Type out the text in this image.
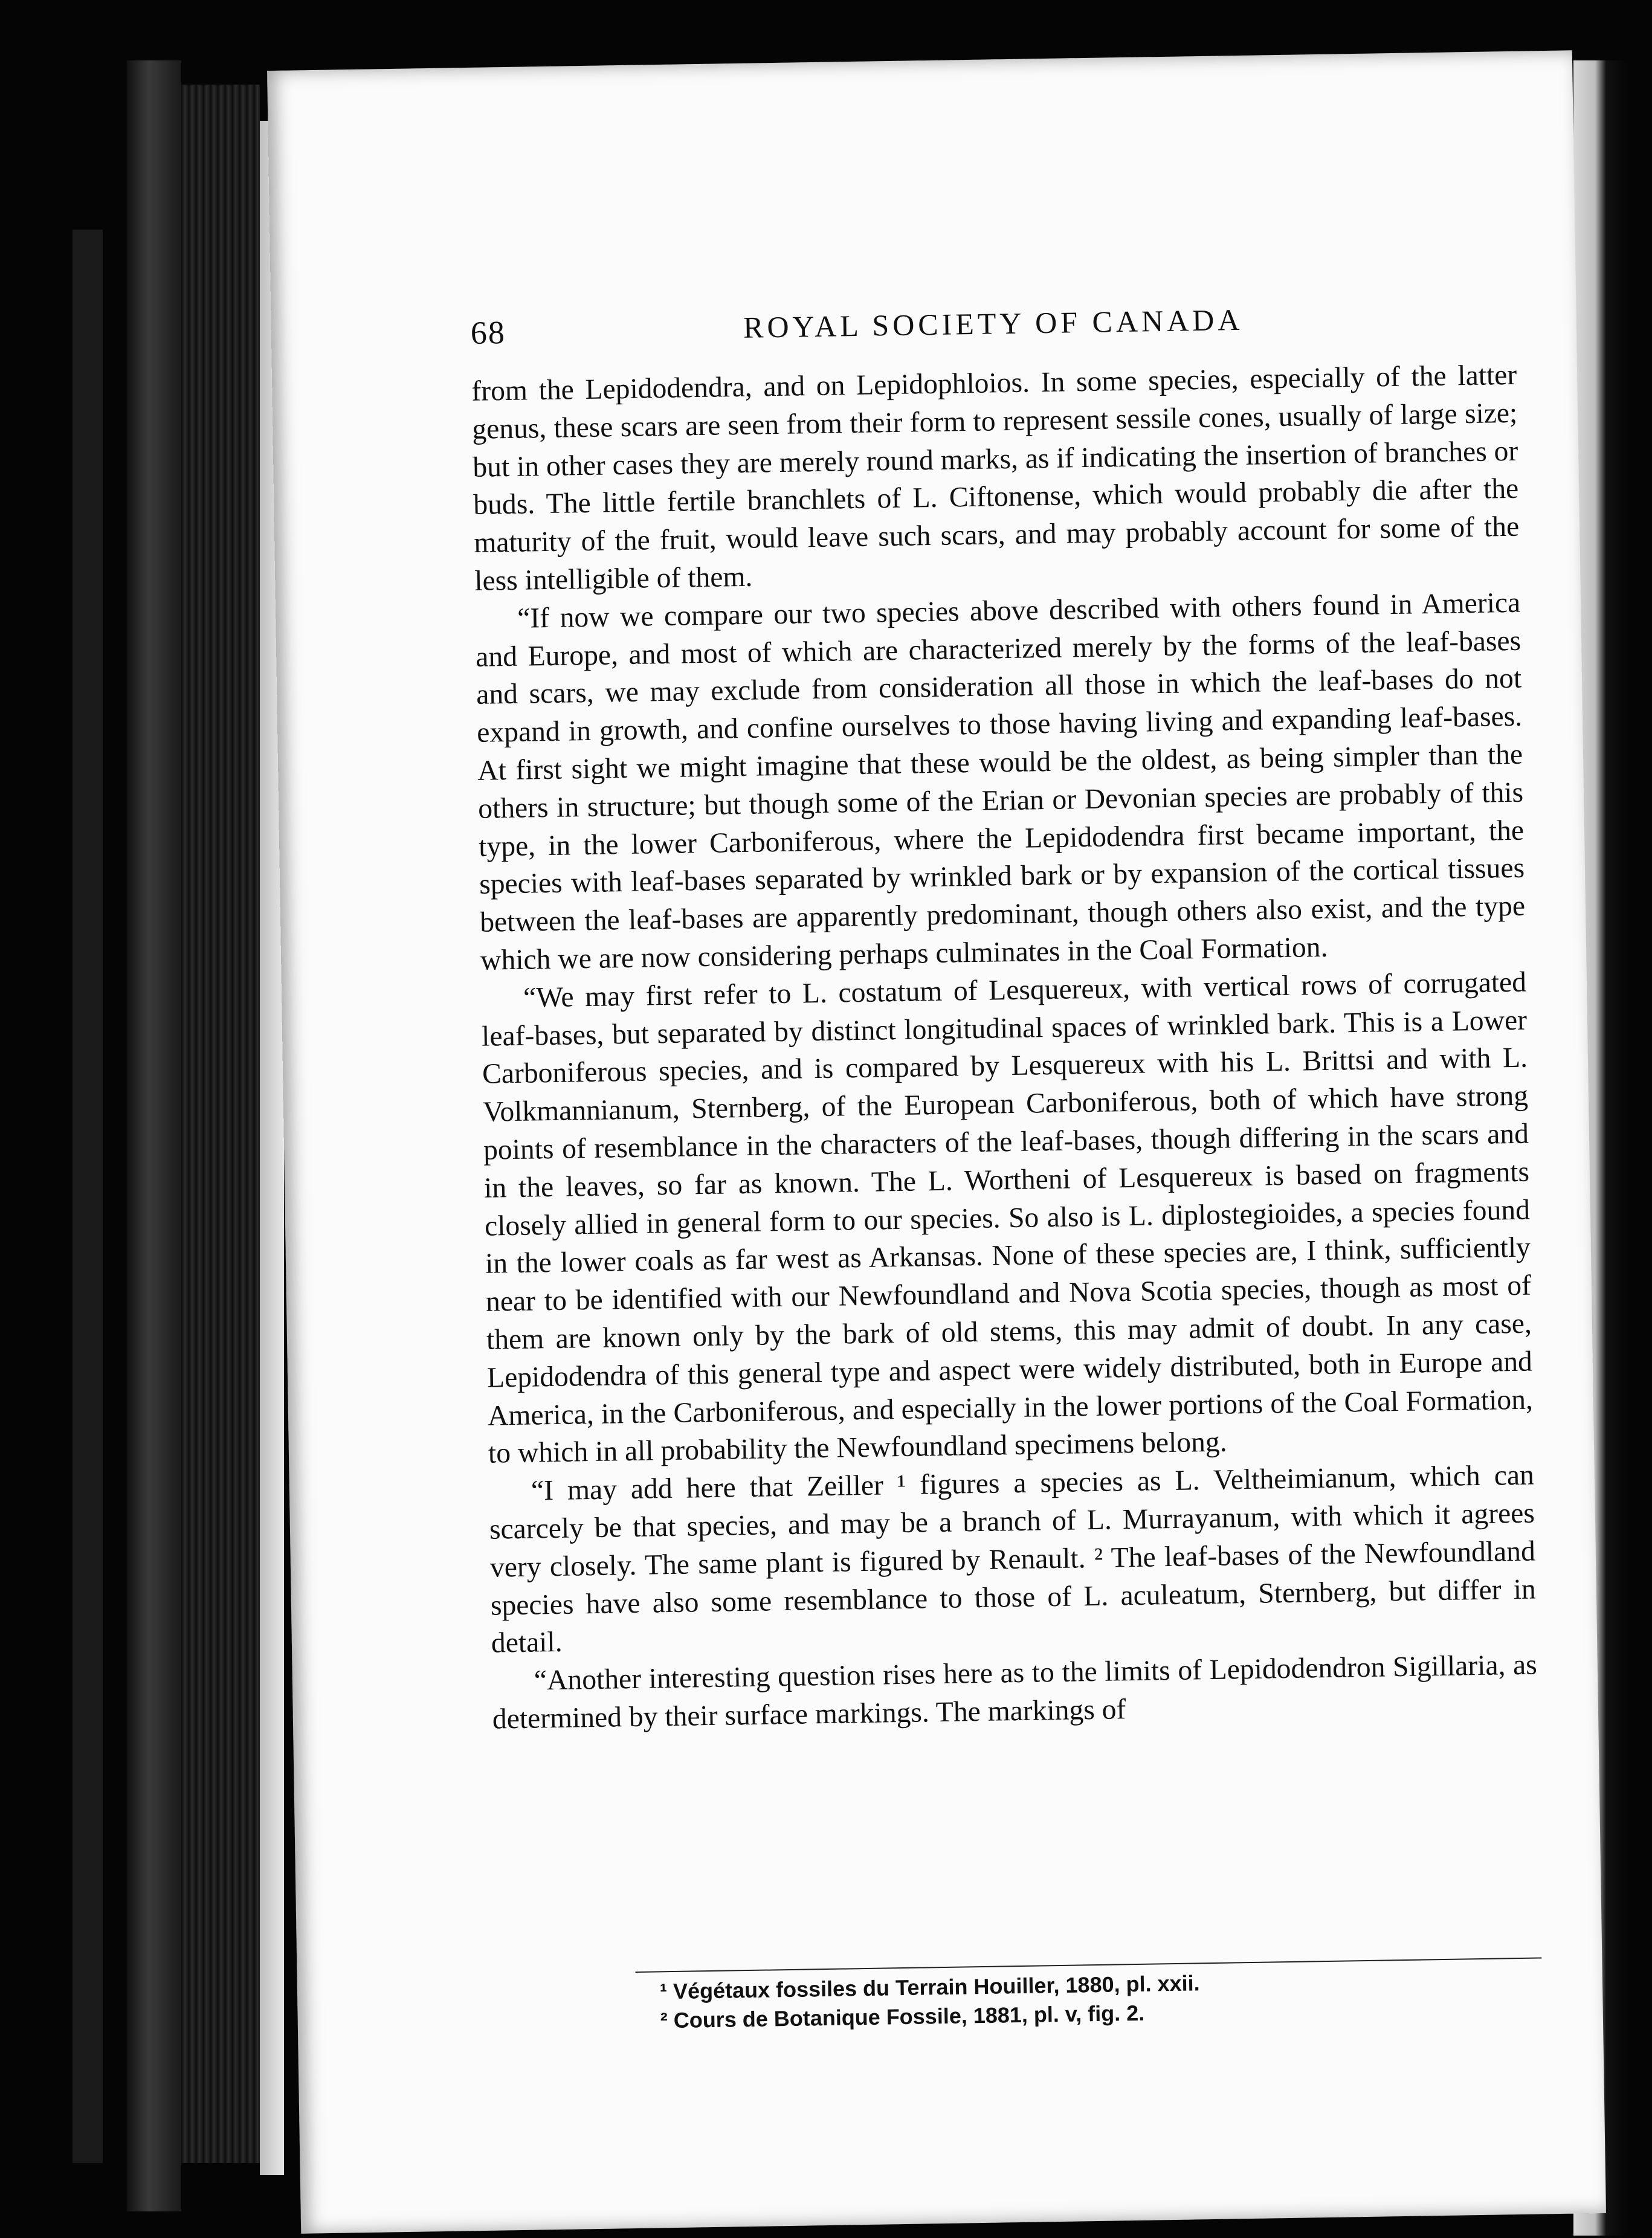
68	ROYAL SOCIETY OF CANADA

from the Lepidodendra, and on Lepidophloios. In some species, especially of the latter genus, these scars are seen from their form to represent sessile cones, usually of large size; but in other cases they are merely round marks, as if indicating the insertion of branches or buds. The little fertile branchlets of L. Ciftonense, which would probably die after the maturity of the fruit, would leave such scars, and may probably account for some of the less intelligible of them.

“If now we compare our two species above described with others found in America and Europe, and most of which are characterized merely by the forms of the leaf-bases and scars, we may exclude from consideration all those in which the leaf-bases do not expand in growth, and confine ourselves to those having living and expanding leaf-bases. At first sight we might imagine that these would be the oldest, as being simpler than the others in structure; but though some of the Erian or Devonian species are probably of this type, in the lower Carboniferous, where the Lepidodendra first became important, the species with leaf-bases separated by wrinkled bark or by expansion of the cortical tissues between the leaf-bases are apparently predominant, though others also exist, and the type which we are now considering perhaps culminates in the Coal Formation.

“We may first refer to L. costatum of Lesquereux, with vertical rows of corrugated leaf-bases, but separated by distinct longitudinal spaces of wrinkled bark. This is a Lower Carboniferous species, and is compared by Lesquereux with his L. Brittsi and with L. Volkmannianum, Sternberg, of the European Carboniferous, both of which have strong points of resemblance in the characters of the leaf-bases, though differing in the scars and in the leaves, so far as known. The L. Wortheni of Lesquereux is based on fragments closely allied in general form to our species. So also is L. diplostegioides, a species found in the lower coals as far west as Arkansas. None of these species are, I think, sufficiently near to be identified with our Newfoundland and Nova Scotia species, though as most of them are known only by the bark of old stems, this may admit of doubt. In any case, Lepidodendra of this general type and aspect were widely distributed, both in Europe and America, in the Carboniferous, and especially in the lower portions of the Coal Formation, to which in all probability the Newfoundland specimens belong.

“I may add here that Zeiller ¹ figures a species as L. Veltheimianum, which can scarcely be that species, and may be a branch of L. Murrayanum, with which it agrees very closely. The same plant is figured by Renault. ² The leaf-bases of the Newfoundland species have also some resemblance to those of L. aculeatum, Sternberg, but differ in detail.

“Another interesting question rises here as to the limits of Lepidodendron Sigillaria, as determined by their surface markings. The markings of

¹ Végétaux fossiles du Terrain Houiller, 1880, pl. xxii.

² Cours de Botanique Fossile, 1881, pl. v, fig. 2.
